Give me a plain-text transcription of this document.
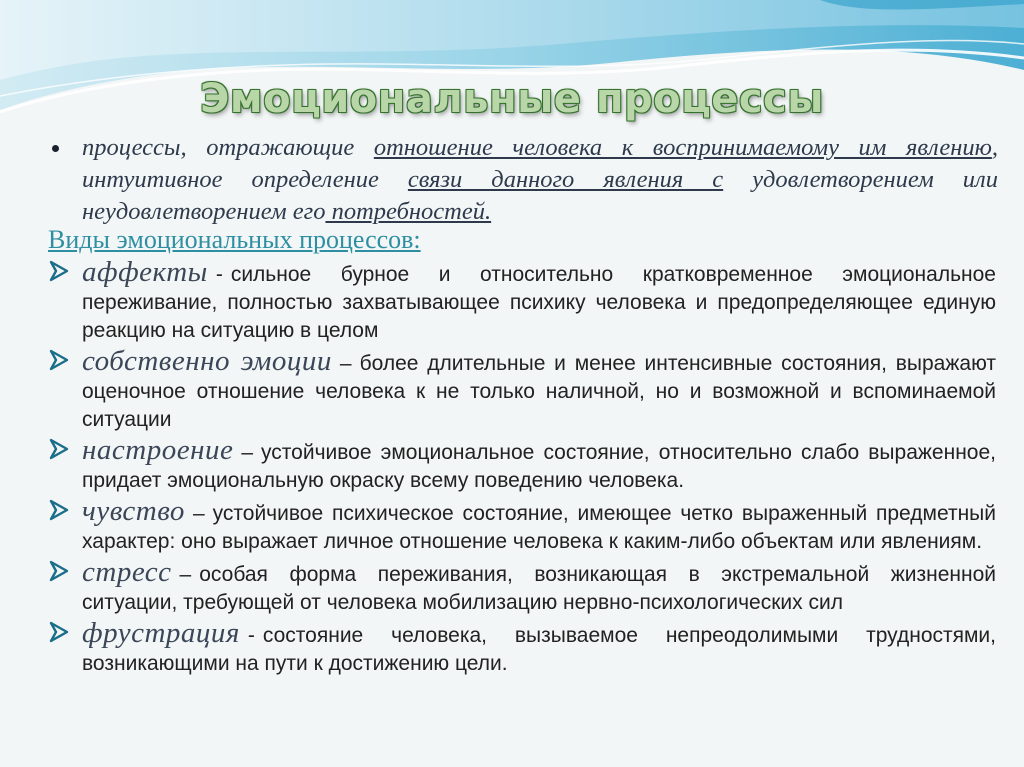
Эмоциональные процессы

процессы, отражающие отношение человека к воспринимаемому им явлению, интуитивное определение связи данного явления с удовлетворением или неудовлетворением его потребностей.

Виды эмоциональных процессов:

аффекты - сильное бурное и относительно кратковременное эмоциональное переживание, полностью захватывающее психику человека и предопределяющее единую реакцию на ситуацию в целом

собственно эмоции – более длительные и менее интенсивные состояния, выражают оценочное отношение человека к не только наличной, но и возможной и вспоминаемой ситуации

настроение – устойчивое эмоциональное состояние, относительно слабо выраженное, придает эмоциональную окраску всему поведению человека.

чувство – устойчивое психическое состояние, имеющее четко выраженный предметный характер: оно выражает личное отношение человека к каким-либо объектам или явлениям.

стресс – особая форма переживания, возникающая в экстремальной жизненной ситуации, требующей от человека мобилизацию нервно-психологических сил

фрустрация - состояние человека, вызываемое непреодолимыми трудностями, возникающими на пути к достижению цели.
